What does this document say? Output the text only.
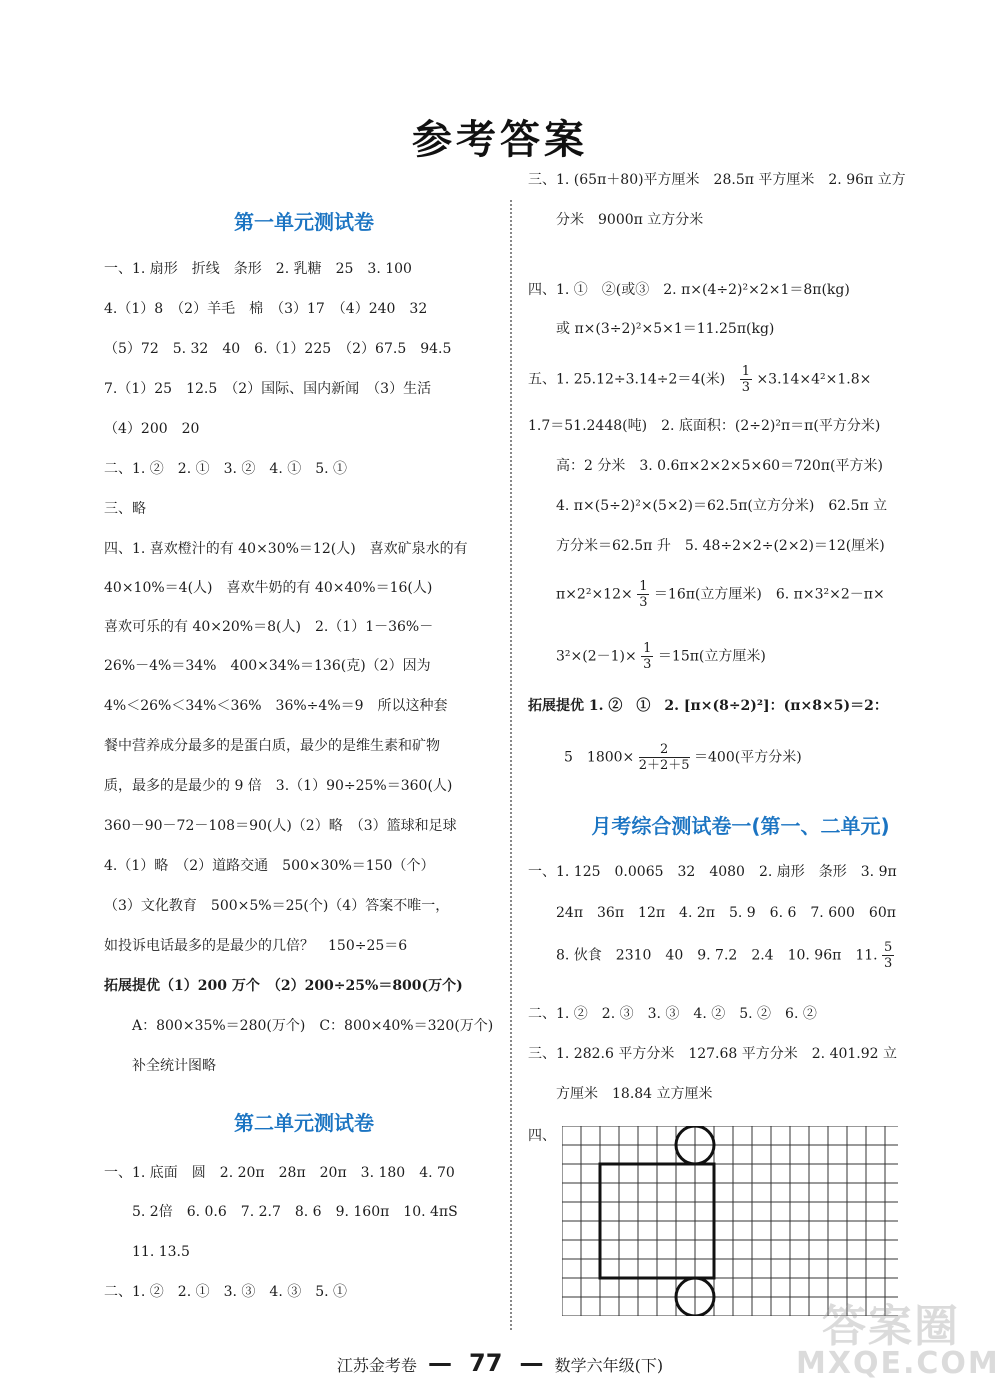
参考答案
第一单元测试卷
一、1. 扇形　折线　条形　2. 乳糖　25　3. 100
4.（1）8　（2）羊毛　棉　（3）17　（4）240　32
（5）72　5. 32　40　6.（1）225　（2）67.5　94.5
7.（1）25　12.5　（2）国际、国内新闻　（3）生活
（4）200　20
二、1. ②　2. ①　3. ②　4. ①　5. ①
三、略
四、1. 喜欢橙汁的有 40×30%＝12(人)　喜欢矿泉水的有
40×10%＝4(人)　喜欢牛奶的有 40×40%＝16(人)
喜欢可乐的有 40×20%＝8(人)　2.（1）1－36%－
26%－4%＝34%　400×34%＝136(克)（2）因为
4%＜26%＜34%＜36%　36%÷4%＝9　所以这种套
餐中营养成分最多的是蛋白质，最少的是维生素和矿物
质，最多的是最少的 9 倍　3.（1）90÷25%＝360(人)
360－90－72－108＝90(人)（2）略　（3）篮球和足球
4.（1）略　（2）道路交通　500×30%＝150（个）
（3）文化教育　500×5%＝25(个)（4）答案不唯一，
如投诉电话最多的是最少的几倍？　150÷25＝6
拓展提优（1）200 万个　（2）200÷25%＝800(万个)
A：800×35%＝280(万个)　C：800×40%＝320(万个)
补全统计图略
第二单元测试卷
一、1. 底面　圆　2. 20π　28π　20π　3. 180　4. 70
5. 2倍　6. 0.6　7. 2.7　8. 6　9. 160π　10. 4πS
11. 13.5
二、1. ②　2. ①　3. ③　4. ③　5. ①
三、1. (65π＋80)平方厘米　28.5π 平方厘米　2. 96π 立方
分米　9000π 立方分米
四、1. ①　②(或③　2. π×(4÷2)²×2×1＝8π(kg)
或 π×(3÷2)²×5×1＝11.25π(kg)
五、1. 25.12÷3.14÷2＝4(米) $\frac{1}{3} \times 3.14\times 4^2\times 1.8\times$
1.7＝51.2448(吨)　2. 底面积：(2÷2)²π＝π(平方分米)
高：2 分米　3. 0.6π×2×2×5×60＝720π(平方米)
4. π×(5÷2)²×(5×2)＝62.5π(立方分米)　62.5π 立
方分米＝62.5π 升　5. 48÷2×2÷(2×2)＝12(厘米)
$\pi\times 2^2\times 12\times \frac{1}{3} =16\pi$(立方厘米)　6. π×3²×2－π×
$3^2\times(2-1)\times \frac{1}{3} =15\pi$(立方厘米)
拓展提优 1. ②　①　2. [π×(8÷2)²]：(π×8×5)＝2：
5　$1800\times \frac{2}{2+2+5} =400$(平方分米)
月考综合测试卷一(第一、二单元)
一、1. 125　0.0065　32　4080　2. 扇形　条形　3. 9π
24π　36π　12π　4. 2π　5. 9　6. 6　7. 600　60π
8. 伙食　2310　40　9. 7.2　2.4　10. 96π　11. $\frac{5}{3}$
二、1. ②　2. ③　3. ③　4. ②　5. ②　6. ②
三、1. 282.6 平方分米　127.68 平方分米　2. 401.92 立
方厘米　18.84 立方厘米
四、
江苏金考卷 — 77 — 数学六年级(下)
答案圈
MXQE.COM
